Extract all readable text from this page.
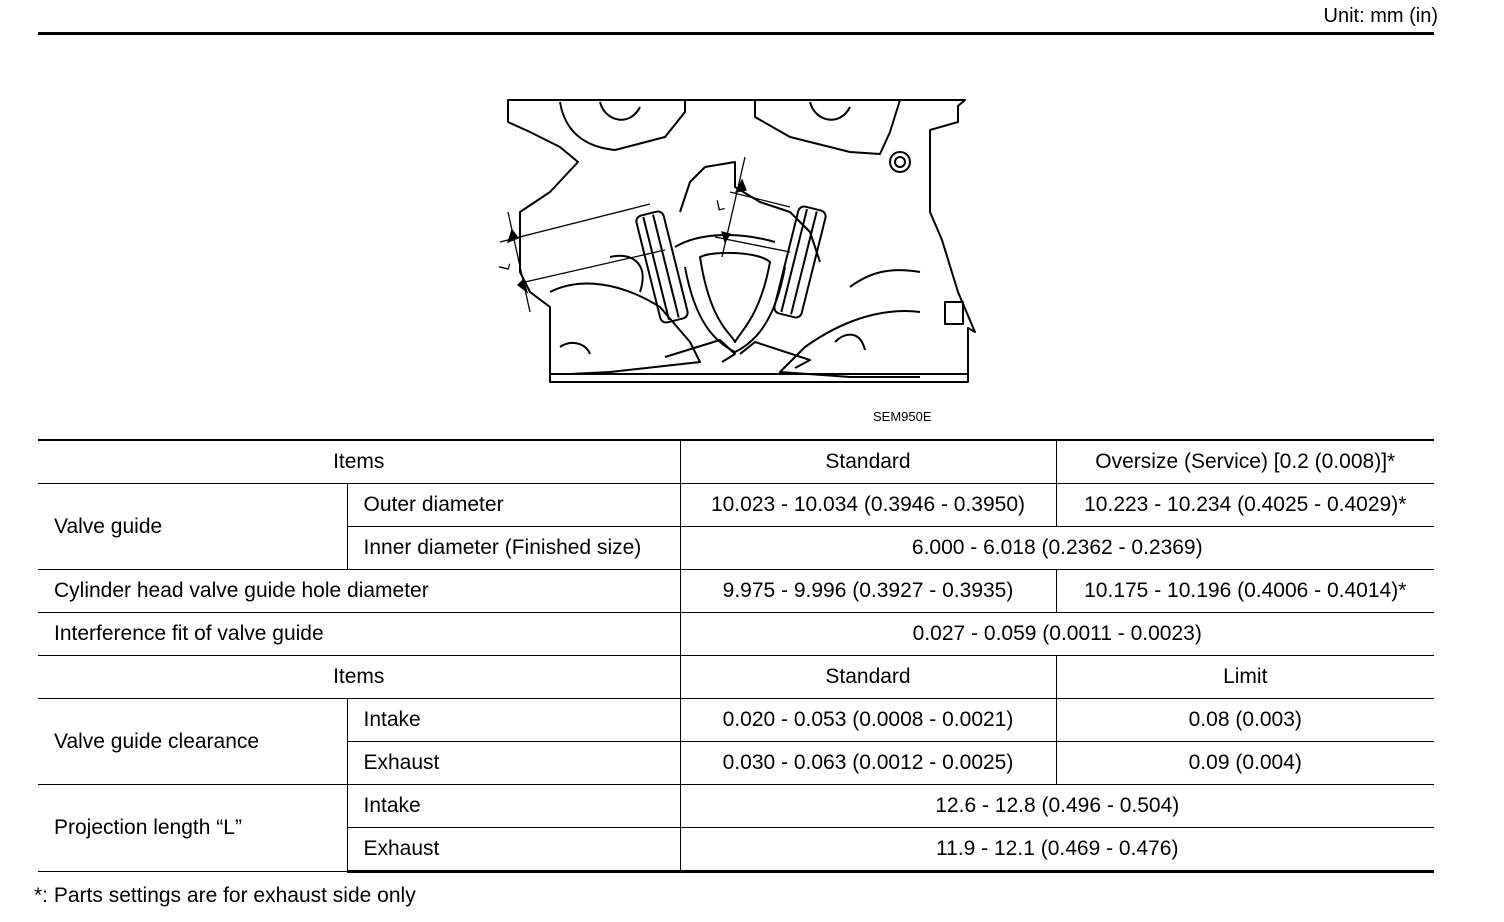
Unit: mm (in)
L
L
SEM950E
Items		Standard	Oversize (Service) [0.2 (0.008)]*
Valve guide	Outer diameter	10.023 - 10.034 (0.3946 - 0.3950)	10.223 - 10.234 (0.4025 - 0.4029)*
	Inner diameter (Finished size)	6.000 - 6.018 (0.2362 - 0.2369)	
Cylinder head valve guide hole diameter		9.975 - 9.996 (0.3927 - 0.3935)	10.175 - 10.196 (0.4006 - 0.4014)*
Interference fit of valve guide		0.027 - 0.059 (0.0011 - 0.0023)	
Items		Standard	Limit
Valve guide clearance	Intake	0.020 - 0.053 (0.0008 - 0.0021)	0.08 (0.003)
	Exhaust	0.030 - 0.063 (0.0012 - 0.0025)	0.09 (0.004)
Projection length “L”	Intake	12.6 - 12.8 (0.496 - 0.504)	
	Exhaust	11.9 - 12.1 (0.469 - 0.476)	
*: Parts settings are for exhaust side only
